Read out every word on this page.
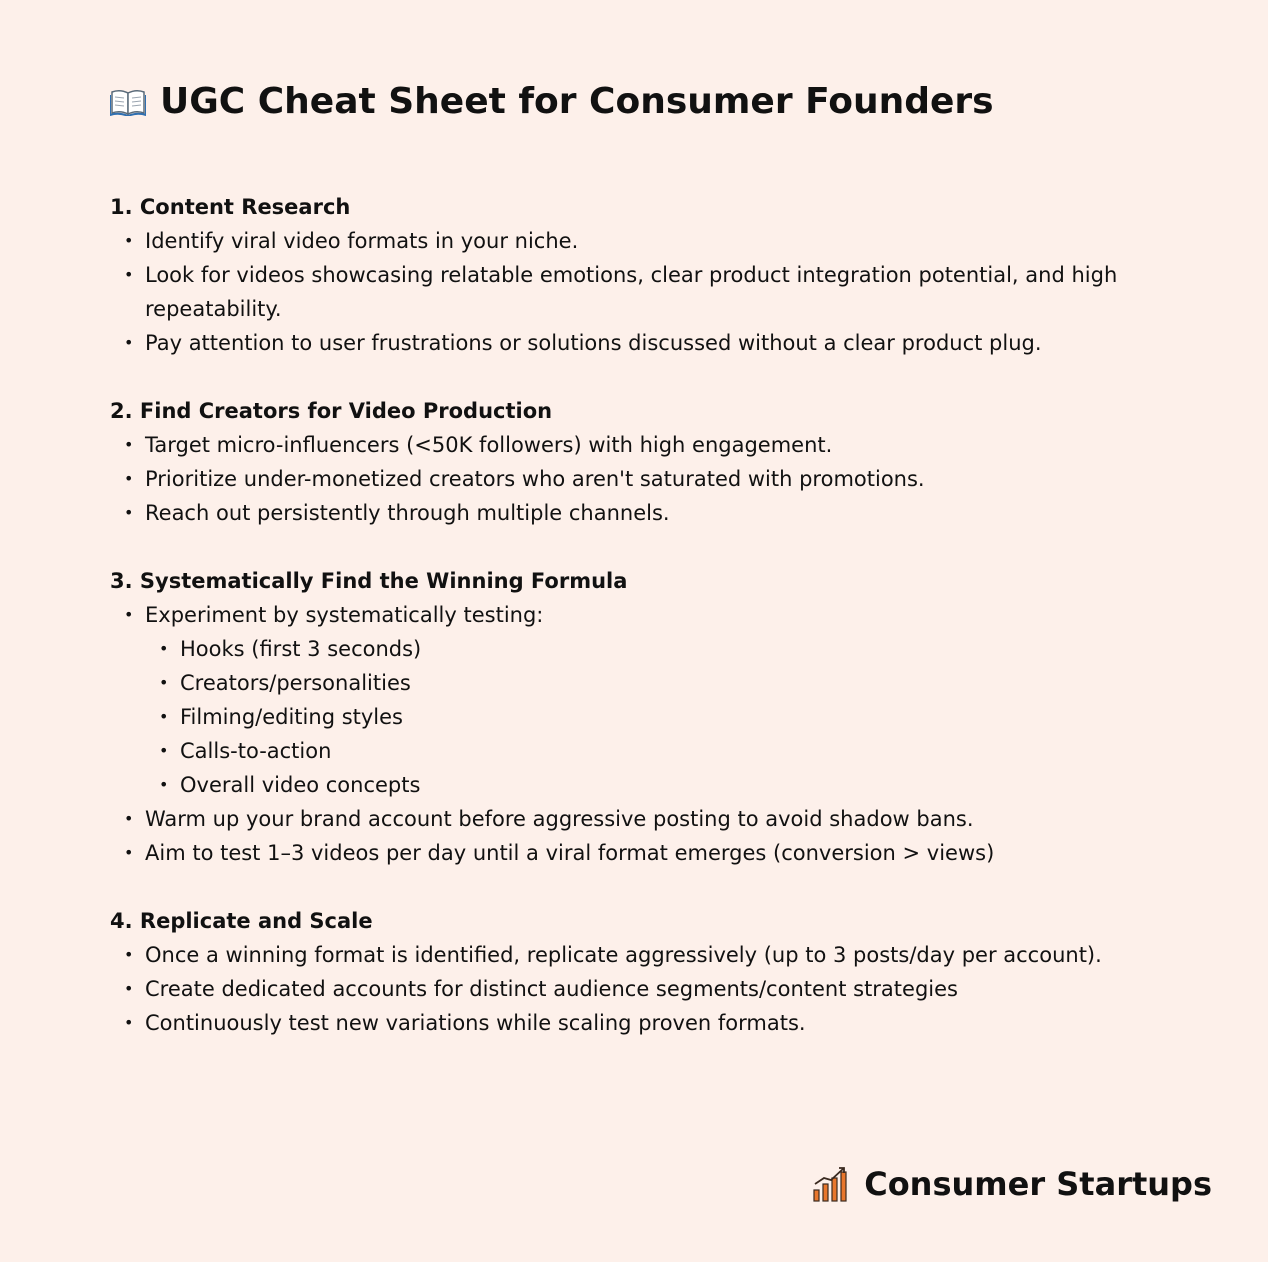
UGC Cheat Sheet for Consumer Founders
1. Content Research
• Identify viral video formats in your niche.
• Look for videos showcasing relatable emotions, clear product integration potential, and high repeatability.
• Pay attention to user frustrations or solutions discussed without a clear product plug.
2. Find Creators for Video Production
• Target micro-influencers (<50K followers) with high engagement.
• Prioritize under-monetized creators who aren't saturated with promotions.
• Reach out persistently through multiple channels.
3. Systematically Find the Winning Formula
• Experiment by systematically testing:
• Hooks (first 3 seconds)
• Creators/personalities
• Filming/editing styles
• Calls-to-action
• Overall video concepts
• Warm up your brand account before aggressive posting to avoid shadow bans.
• Aim to test 1–3 videos per day until a viral format emerges (conversion > views)
4. Replicate and Scale
• Once a winning format is identified, replicate aggressively (up to 3 posts/day per account).
• Create dedicated accounts for distinct audience segments/content strategies
• Continuously test new variations while scaling proven formats.
Consumer Startups
